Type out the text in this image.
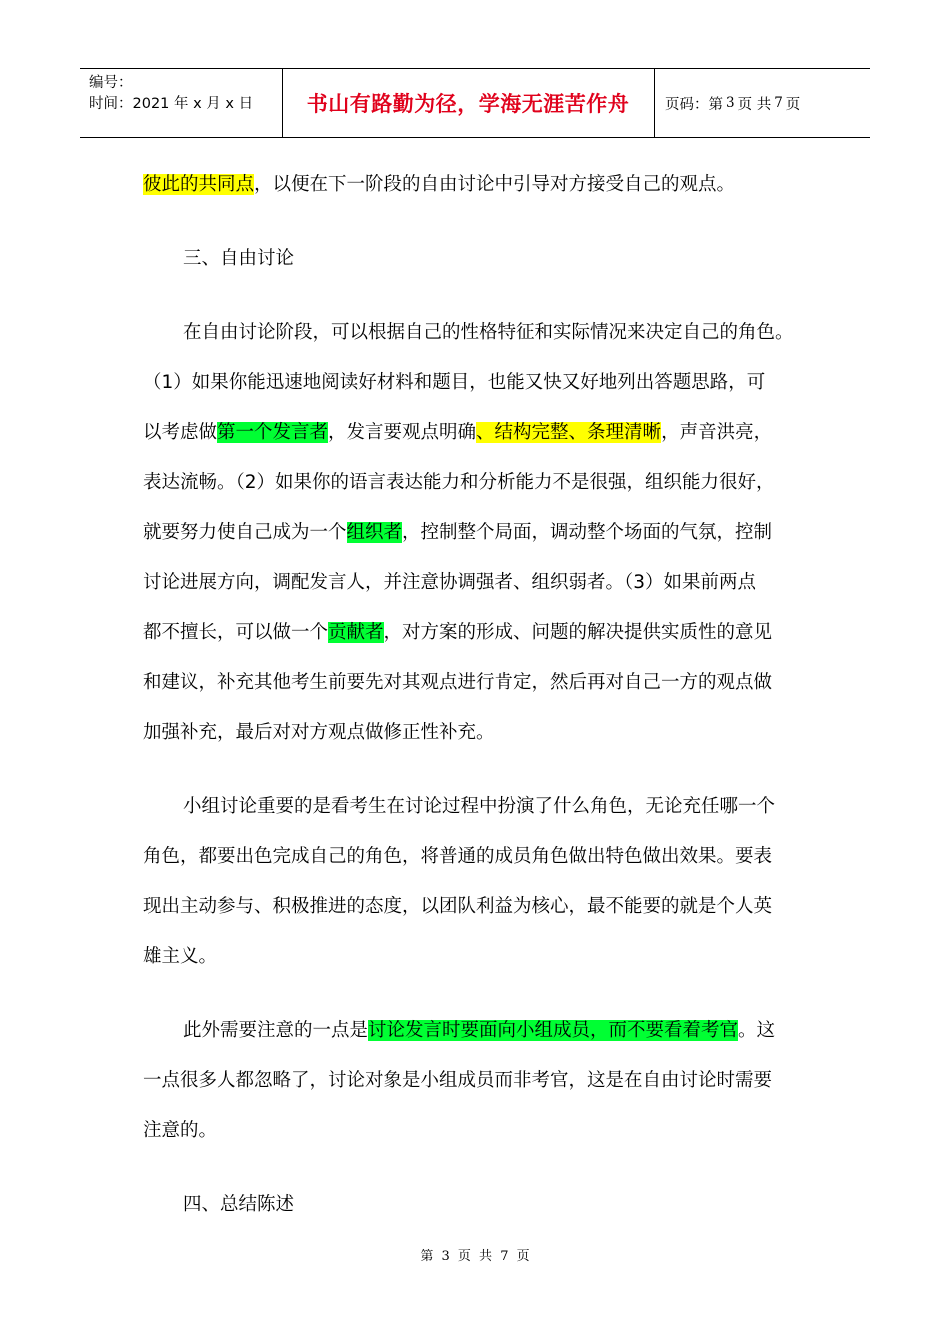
编号：
时间：2021 年 x 月 x 日	书山有路勤为径，学海无涯苦作舟	页码：第 3 页 共 7 页
彼此的共同点，以便在下一阶段的自由讨论中引导对方接受自己的观点。
三、自由讨论
在自由讨论阶段，可以根据自己的性格特征和实际情况来决定自己的角色。
（1）如果你能迅速地阅读好材料和题目，也能又快又好地列出答题思路，可
以考虑做第一个发言者，发言要观点明确、结构完整、条理清晰，声音洪亮，
表达流畅。（2）如果你的语言表达能力和分析能力不是很强，组织能力很好，
就要努力使自己成为一个组织者，控制整个局面，调动整个场面的气氛，控制
讨论进展方向，调配发言人，并注意协调强者、组织弱者。（3）如果前两点
都不擅长，可以做一个贡献者，对方案的形成、问题的解决提供实质性的意见
和建议，补充其他考生前要先对其观点进行肯定，然后再对自己一方的观点做
加强补充，最后对对方观点做修正性补充。
小组讨论重要的是看考生在讨论过程中扮演了什么角色，无论充任哪一个
角色，都要出色完成自己的角色，将普通的成员角色做出特色做出效果。要表
现出主动参与、积极推进的态度，以团队利益为核心，最不能要的就是个人英
雄主义。
此外需要注意的一点是讨论发言时要面向小组成员，而不要看着考官。这
一点很多人都忽略了，讨论对象是小组成员而非考官，这是在自由讨论时需要
注意的。
四、总结陈述
第 3 页 共 7 页
